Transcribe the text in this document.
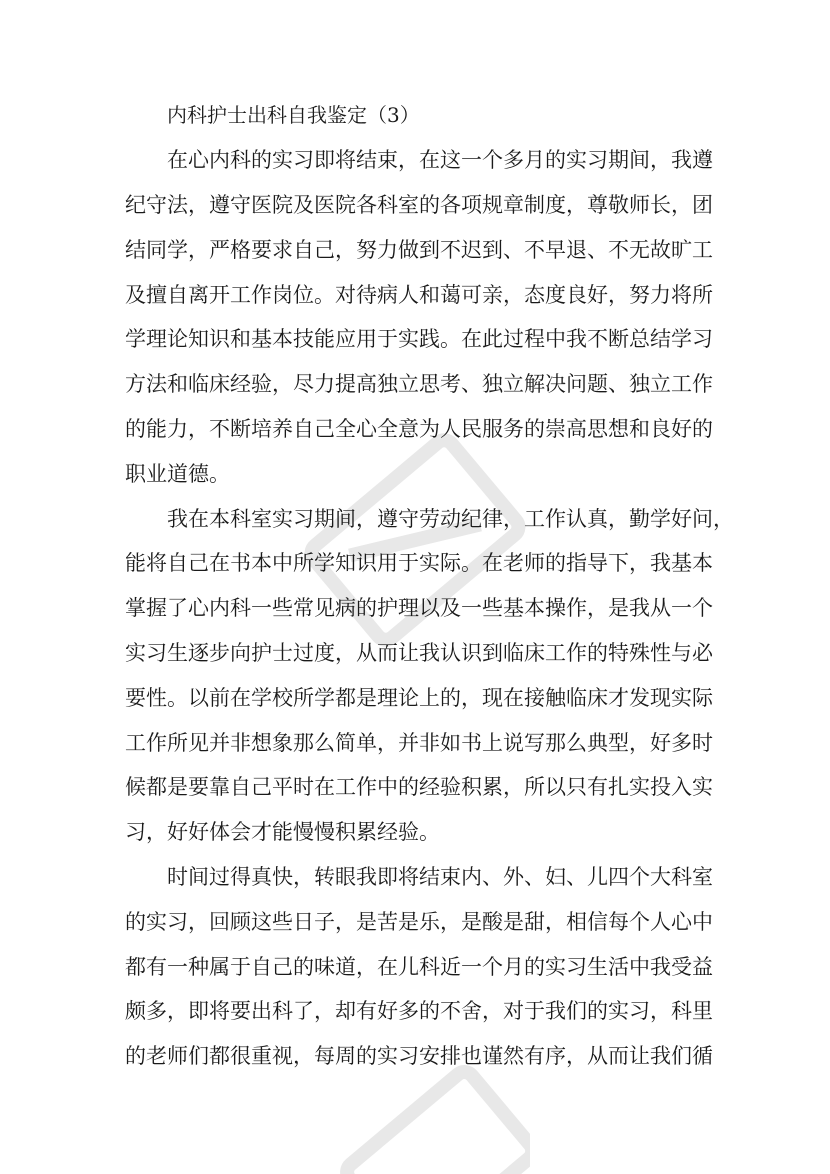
内科护士出科自我鉴定（3）
在心内科的实习即将结束，在这一个多月的实习期间，我遵
纪守法，遵守医院及医院各科室的各项规章制度，尊敬师长，团
结同学，严格要求自己，努力做到不迟到、不早退、不无故旷工
及擅自离开工作岗位。对待病人和蔼可亲，态度良好，努力将所
学理论知识和基本技能应用于实践。在此过程中我不断总结学习
方法和临床经验，尽力提高独立思考、独立解决问题、独立工作
的能力，不断培养自己全心全意为人民服务的崇高思想和良好的
职业道德。
我在本科室实习期间，遵守劳动纪律，工作认真，勤学好问，
能将自己在书本中所学知识用于实际。在老师的指导下，我基本
掌握了心内科一些常见病的护理以及一些基本操作，是我从一个
实习生逐步向护士过度，从而让我认识到临床工作的特殊性与必
要性。以前在学校所学都是理论上的，现在接触临床才发现实际
工作所见并非想象那么简单，并非如书上说写那么典型，好多时
候都是要靠自己平时在工作中的经验积累，所以只有扎实投入实
习，好好体会才能慢慢积累经验。
时间过得真快，转眼我即将结束内、外、妇、儿四个大科室
的实习，回顾这些日子，是苦是乐，是酸是甜，相信每个人心中
都有一种属于自己的味道，在儿科近一个月的实习生活中我受益
颇多，即将要出科了，却有好多的不舍，对于我们的实习，科里
的老师们都很重视，每周的实习安排也谨然有序，从而让我们循
